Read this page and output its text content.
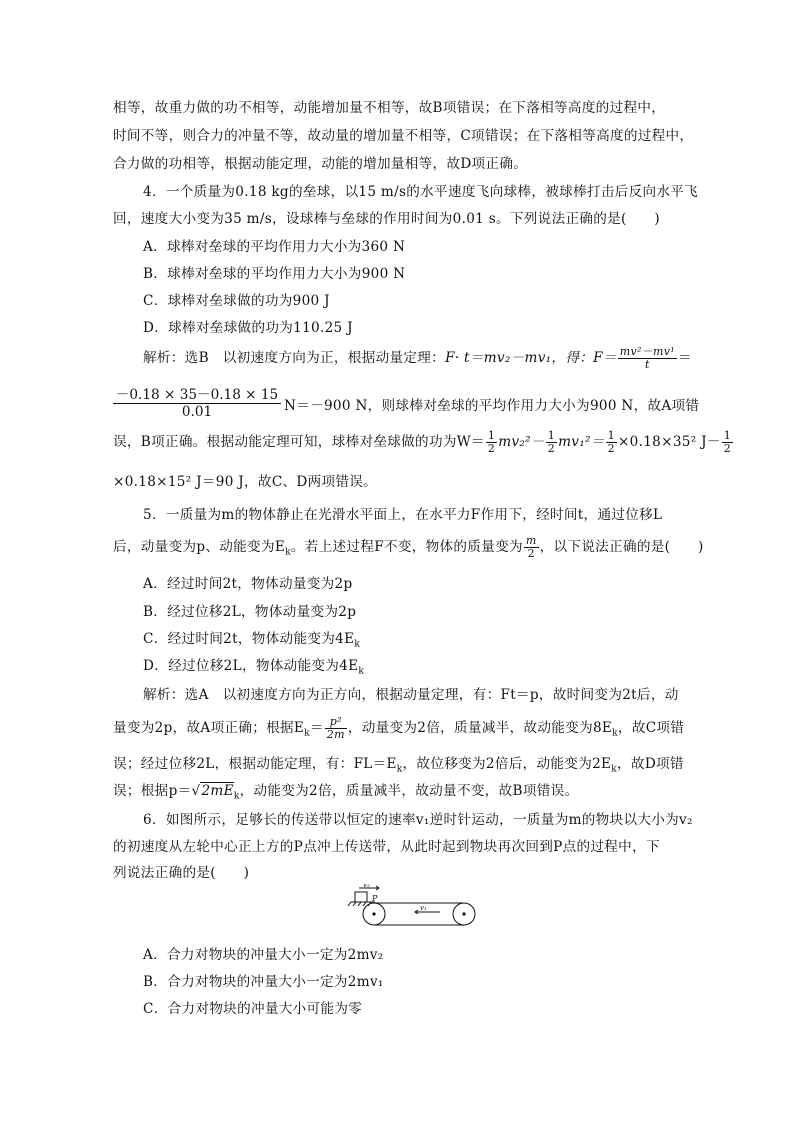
相等，故重力做的功不相等，动能增加量不相等，故B项错误；在下落相等高度的过程中，
时间不等，则合力的冲量不等，故动量的增加量不相等，C项错误；在下落相等高度的过程中，
合力做的功相等，根据动能定理，动能的增加量相等，故D项正确。
4．一个质量为0.18 kg的垒球，以15 m/s的水平速度飞向球棒，被球棒打击后反向水平飞
回，速度大小变为35 m/s，设球棒与垒球的作用时间为0.01 s。下列说法正确的是(　　)
A．球棒对垒球的平均作用力大小为360 N
B．球棒对垒球的平均作用力大小为900 N
C．球棒对垒球做的功为900 J
D．球棒对垒球做的功为110.25 J
解析：选B　以初速度方向为正，根据动量定理：F· t＝mv₂－mv₁，得：$F= \frac{\text{mv²－mv¹}}{t}$ ＝
$\frac{-0.18 \times 35-0.18 \times 15}{0.01} N=-900$ N，则球棒对垒球的平均作用力大小为900 N，故A项错
误，B项正确。根据动能定理可知，球棒对垒球做的功为$W= \frac{1}{2} mv_2^2- \frac{1}{2} mv_1^2= \frac{1}{2} \times 0.18\times 35^2$ $J- \frac{1}{2}$
×0.18×15² J＝90 J，故C、D两项错误。
5．一质量为m的物体静止在光滑水平面上，在水平力F作用下，经时间t，通过位移L
后，动量变为p、动能变为$E_k$。若上述过程F不变，物体的质量变为 $\frac{m}{2}$ ，以下说法正确的是(　　)
A．经过时间2t，物体动量变为2p
B．经过位移2L，物体动量变为2p
C．经过时间2t，物体动能变为$4E_k$
D．经过位移2L，物体动能变为$4E_k$
解析：选A　以初速度方向为正方向，根据动量定理，有：Ft＝p，故时间变为2t后，动
量变为2p，故A项正确；根据$E_k= \frac{\text{p²}}{2m}$ ，动量变为2倍，质量减半，故动能变为$8E_k$，故C项错
误；经过位移2L，根据动能定理，有：$FL=E_k$，故位移变为2倍后，动能变为$2E_k$，故D项错
误；根据$p=√2mE_k$，动能变为2倍，质量减半，故动量不变，故B项错误。
6．如图所示，足够长的传送带以恒定的速率v₁逆时针运动，一质量为m的物块以大小为v₂
的初速度从左轮中心正上方的P点冲上传送带，从此时起到物块再次回到P点的过程中，下
列说法正确的是(　　)
v₂
P
v₁
A．合力对物块的冲量大小一定为2mv₂
B．合力对物块的冲量大小一定为2mv₁
C．合力对物块的冲量大小可能为零
